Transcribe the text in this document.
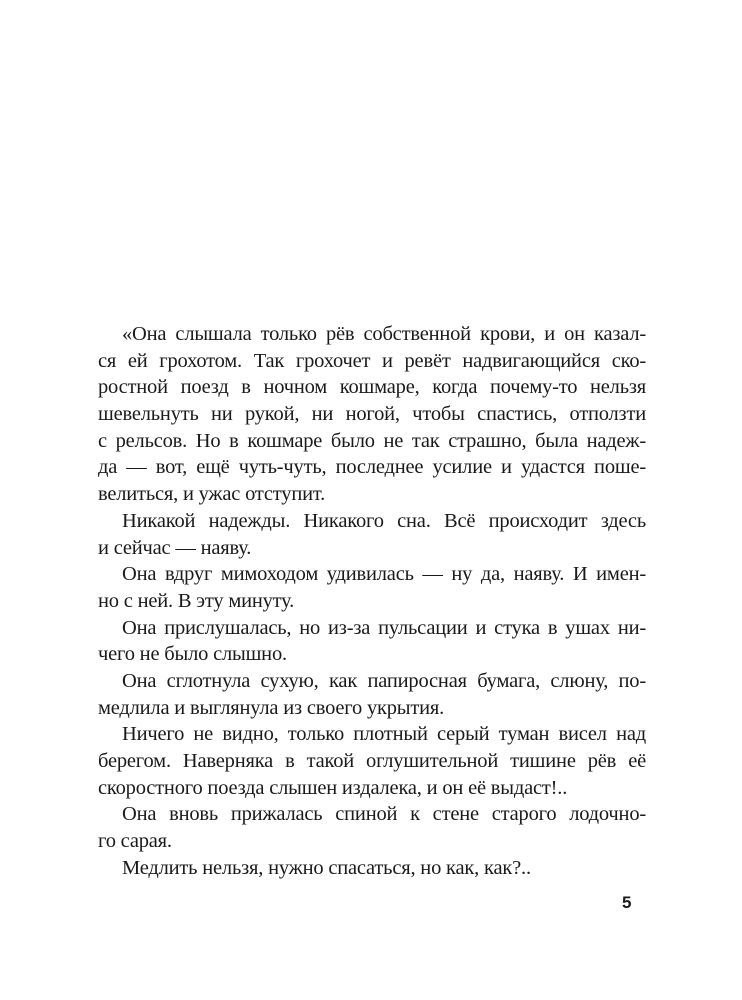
«Она слышала только рёв собственной крови, и он казал-
ся ей грохотом. Так грохочет и ревёт надвигающийся ско-
ростной поезд в ночном кошмаре, когда почему-то нельзя
шевельнуть ни рукой, ни ногой, чтобы спастись, отползти
с рельсов. Но в кошмаре было не так страшно, была надеж-
да — вот, ещё чуть-чуть, последнее усилие и удастся поше-
велиться, и ужас отступит.
Никакой надежды. Никакого сна. Всё происходит здесь
и сейчас — наяву.
Она вдруг мимоходом удивилась — ну да, наяву. И имен-
но с ней. В эту минуту.
Она прислушалась, но из-за пульсации и стука в ушах ни-
чего не было слышно.
Она сглотнула сухую, как папиросная бумага, слюну, по-
медлила и выглянула из своего укрытия.
Ничего не видно, только плотный серый туман висел над
берегом. Наверняка в такой оглушительной тишине рёв её
скоростного поезда слышен издалека, и он её выдаст!..
Она вновь прижалась спиной к стене старого лодочно-
го сарая.
Медлить нельзя, нужно спасаться, но как, как?..
5
